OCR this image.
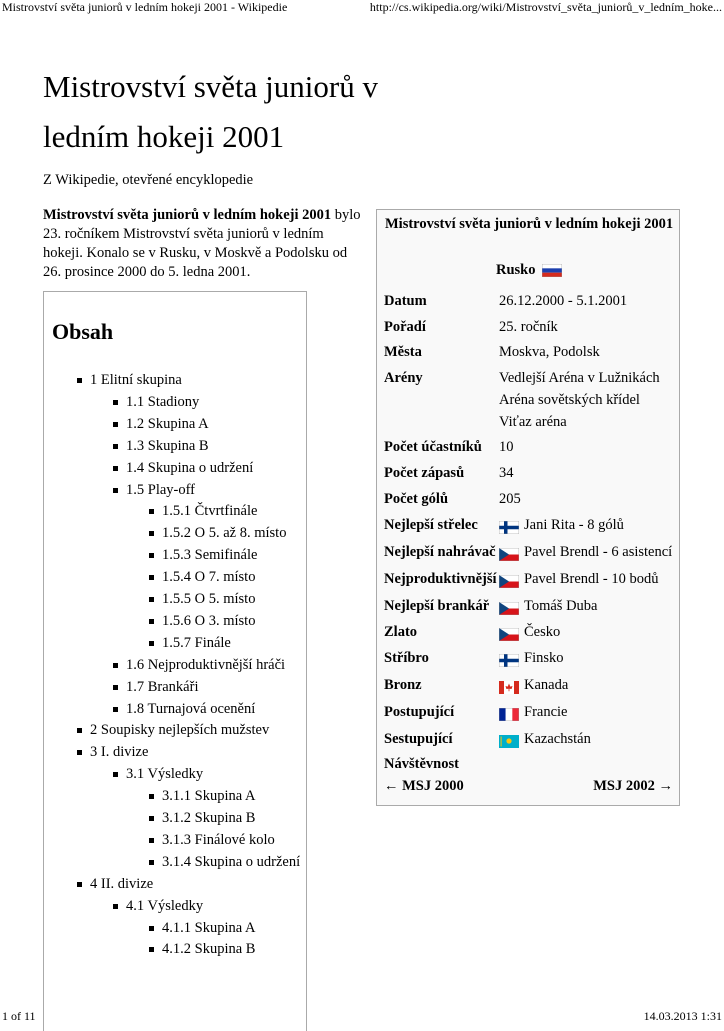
Mistrovství světa juniorů v ledním hokeji 2001 - Wikipedie	http://cs.wikipedia.org/wiki/Mistrovství_světa_juniorů_v_ledním_hoke...
Mistrovství světa juniorů v ledním hokeji 2001
Z Wikipedie, otevřené encyklopedie

Mistrovství světa juniorů v ledním hokeji 2001 bylo 23. ročníkem Mistrovství světa juniorů v ledním hokeji. Konalo se v Rusku, v Moskvě a Podolsku od 26. prosince 2000 do 5. ledna 2001.

Obsah
1 Elitní skupina
1.1 Stadiony
1.2 Skupina A
1.3 Skupina B
1.4 Skupina o udržení
1.5 Play-off
1.5.1 Čtvrtfinále
1.5.2 O 5. až 8. místo
1.5.3 Semifinále
1.5.4 O 7. místo
1.5.5 O 5. místo
1.5.6 O 3. místo
1.5.7 Finále
1.6 Nejproduktivnější hráči
1.7 Brankáři
1.8 Turnajová ocenění
2 Soupisky nejlepších mužstev
3 I. divize
3.1 Výsledky
3.1.1 Skupina A
3.1.2 Skupina B
3.1.3 Finálové kolo
3.1.4 Skupina o udržení
4 II. divize
4.1 Výsledky
4.1.1 Skupina A
4.1.2 Skupina B
Mistrovství světa juniorů v ledním hokeji 2001
Rusko
Datum	26.12.2000 - 5.1.2001
Pořadí	25. ročník
Města	Moskva, Podolsk
Arény	Vedlejší Aréna v Lužnikách
Aréna sovětských křídel
Viťaz aréna
Počet účastníků 10
Počet zápasů 34
Počet gólů	205
Nejlepší střelec	Jani Rita - 8 gólů
Nejlepší nahrávač Pavel Brendl - 6 asistencí
Nejproduktivnější Pavel Brendl - 10 bodů
Nejlepší brankář Tomáš Duba
Zlato	Česko
Stříbro	Finsko
Bronz	Kanada
Postupující	Francie
Sestupující	Kazachstán
Návštěvnost
← MSJ 2000	MSJ 2002 →
1 of 11	14.03.2013 1:31
